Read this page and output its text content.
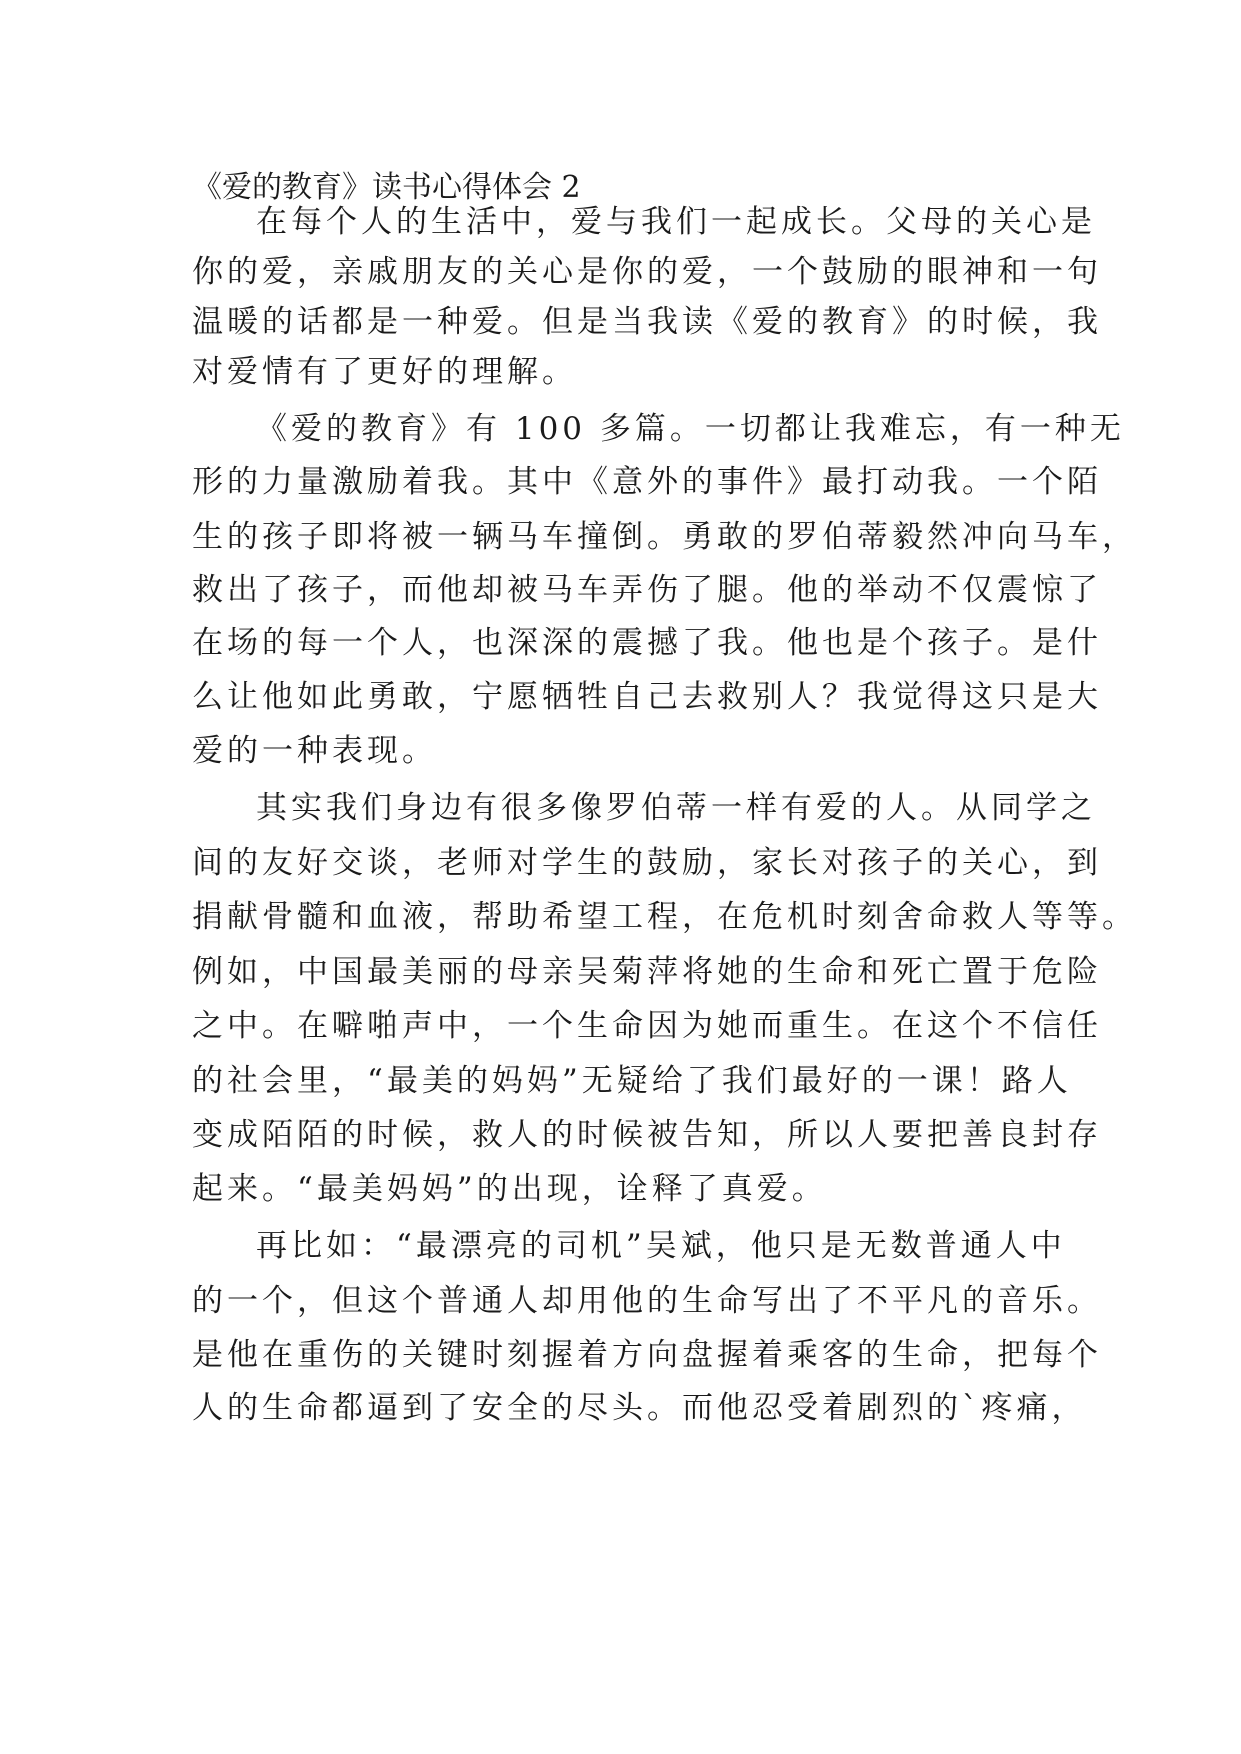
《爱的教育》读书心得体会 2
在每个人的生活中，爱与我们一起成长。父母的关心是
你的爱，亲戚朋友的关心是你的爱，一个鼓励的眼神和一句
温暖的话都是一种爱。但是当我读《爱的教育》的时候，我
对爱情有了更好的理解。
《爱的教育》有 100 多篇。一切都让我难忘，有一种无
形的力量激励着我。其中《意外的事件》最打动我。一个陌
生的孩子即将被一辆马车撞倒。勇敢的罗伯蒂毅然冲向马车，
救出了孩子，而他却被马车弄伤了腿。他的举动不仅震惊了
在场的每一个人，也深深的震撼了我。他也是个孩子。是什
么让他如此勇敢，宁愿牺牲自己去救别人？我觉得这只是大
爱的一种表现。
其实我们身边有很多像罗伯蒂一样有爱的人。从同学之
间的友好交谈，老师对学生的鼓励，家长对孩子的关心，到
捐献骨髓和血液，帮助希望工程，在危机时刻舍命救人等等。
例如，中国最美丽的母亲吴菊萍将她的生命和死亡置于危险
之中。在噼啪声中，一个生命因为她而重生。在这个不信任
的社会里，“最美的妈妈”无疑给了我们最好的一课！路人
变成陌陌的时候，救人的时候被告知，所以人要把善良封存
起来。“最美妈妈”的出现，诠释了真爱。
再比如：“最漂亮的司机”吴斌，他只是无数普通人中
的一个，但这个普通人却用他的生命写出了不平凡的音乐。
是他在重伤的关键时刻握着方向盘握着乘客的生命，把每个
人的生命都逼到了安全的尽头。而他忍受着剧烈的`疼痛，
